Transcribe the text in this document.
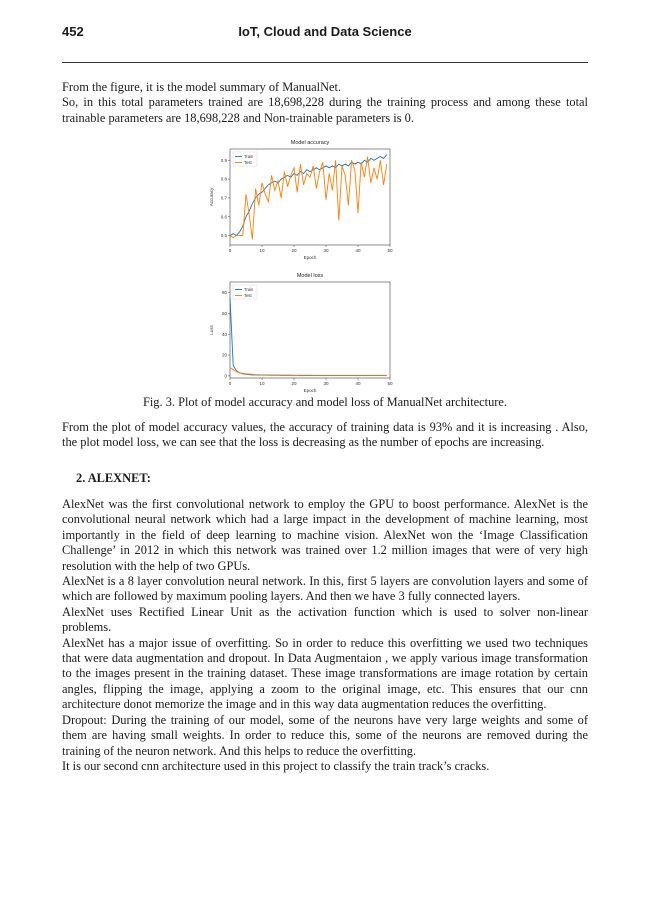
452	IoT, Cloud and Data Science

From the figure, it is the model summary of ManualNet.

So, in this total parameters trained are 18,698,228 during the training process and among these total trainable parameters are 18,698,228 and Non-trainable parameters is 0.

Model accuracy
0	10	20	30	40	50
0.5
0.6
0.7
0.8
0.9
Epoch
Accuracy
Train
Test
Model loss
0	10	20	30	40	50
0
20
40
60
80
Epoch
Loss
Train
Test
Fig. 3. Plot of model accuracy and model loss of ManualNet architecture.

From the plot of model accuracy values, the accuracy of training data is 93% and it is increasing . Also, the plot model loss, we can see that the loss is decreasing as the number of epochs are increasing.

2. ALEXNET:

AlexNet was the first convolutional network to employ the GPU to boost performance. AlexNet is the convolutional neural network which had a large impact in the development of machine learning, most importantly in the field of deep learning to machine vision. AlexNet won the ‘Image Classification Challenge’ in 2012 in which this network was trained over 1.2 million images that were of very high resolution with the help of two GPUs.

AlexNet is a 8 layer convolution neural network. In this, first 5 layers are convolution layers and some of which are followed by maximum pooling layers. And then we have 3 fully connected layers.

AlexNet uses Rectified Linear Unit as the activation function which is used to solver non-linear problems.

AlexNet has a major issue of overfitting. So in order to reduce this overfitting we used two techniques that were data augmentation and dropout. In Data Augmentaion , we apply various image transformation to the images present in the training dataset. These image transformations are image rotation by certain angles, flipping the image, applying a zoom to the original image, etc. This ensures that our cnn architecture donot memorize the image and in this way data augmentation reduces the overfitting.

Dropout: During the training of our model, some of the neurons have very large weights and some of them are having small weights. In order to reduce this, some of the neurons are removed during the training of the neuron network. And this helps to reduce the overfitting.

It is our second cnn architecture used in this project to classify the train track’s cracks.
